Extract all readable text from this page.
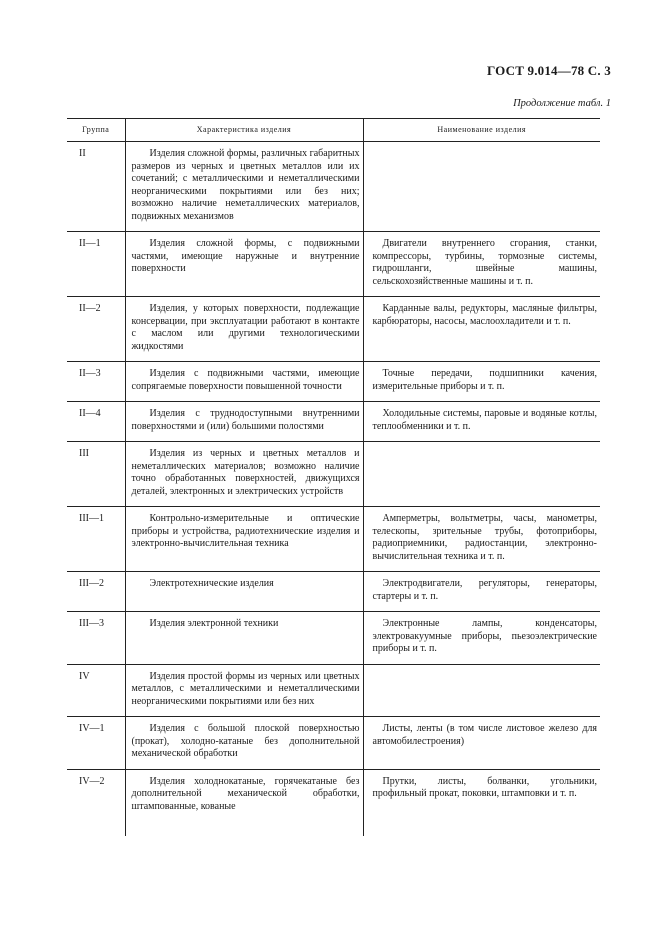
ГОСТ 9.014—78 С. 3
Продолжение табл. 1
Группа	Характеристика изделия	Наименование изделия
II	Изделия сложной формы, различных габаритных размеров из черных и цветных металлов или их сочетаний; с металлическими и неметаллическими неорганическими покрытиями или без них; возможно наличие неметаллических материалов, подвижных механизмов	
II—1	Изделия сложной формы, с подвижными частями, имеющие наружные и внутренние поверхности	Двигатели внутреннего сгорания, станки, компрессоры, турбины, тормозные системы, гидрошланги, швейные машины, сельскохозяйственные машины и т. п.
II—2	Изделия, у которых поверхности, подлежащие консервации, при эксплуатации работают в контакте с маслом или другими технологическими жидкостями	Карданные валы, редукторы, масляные фильтры, карбюраторы, насосы, маслоохладители и т. п.
II—3	Изделия с подвижными частями, имеющие сопрягаемые поверхности повышенной точности	Точные передачи, подшипники качения, измерительные приборы и т. п.
II—4	Изделия с труднодоступными внутренними поверхностями и (или) большими полостями	Холодильные системы, паровые и водяные котлы, теплообменники и т. п.
III	Изделия из черных и цветных металлов и неметаллических материалов; возможно наличие точно обработанных поверхностей, движущихся деталей, электронных и электрических устройств	
III—1	Контрольно-измерительные и оптические приборы и устройства, радиотехнические изделия и электронно-вычислительная техника	Амперметры, вольтметры, часы, манометры, телескопы, зрительные трубы, фотоприборы, радиоприемники, радиостанции, электронно-вычислительная техника и т. п.
III—2	Электротехнические изделия	Электродвигатели, регуляторы, генераторы, стартеры и т. п.
III—3	Изделия электронной техники	Электронные лампы, конденсаторы, электровакуумные приборы, пьезоэлектрические приборы и т. п.
IV	Изделия простой формы из черных или цветных металлов, с металлическими и неметаллическими неорганическими покрытиями или без них	
IV—1	Изделия с большой плоской поверхностью (прокат), холодно-катаные без дополнительной механической обработки	Листы, ленты (в том числе листовое железо для автомобилестроения)
IV—2	Изделия холоднокатаные, горячекатаные без дополнительной механической обработки, штампованные, кованые	Прутки, листы, болванки, угольники, профильный прокат, поковки, штамповки и т. п.
